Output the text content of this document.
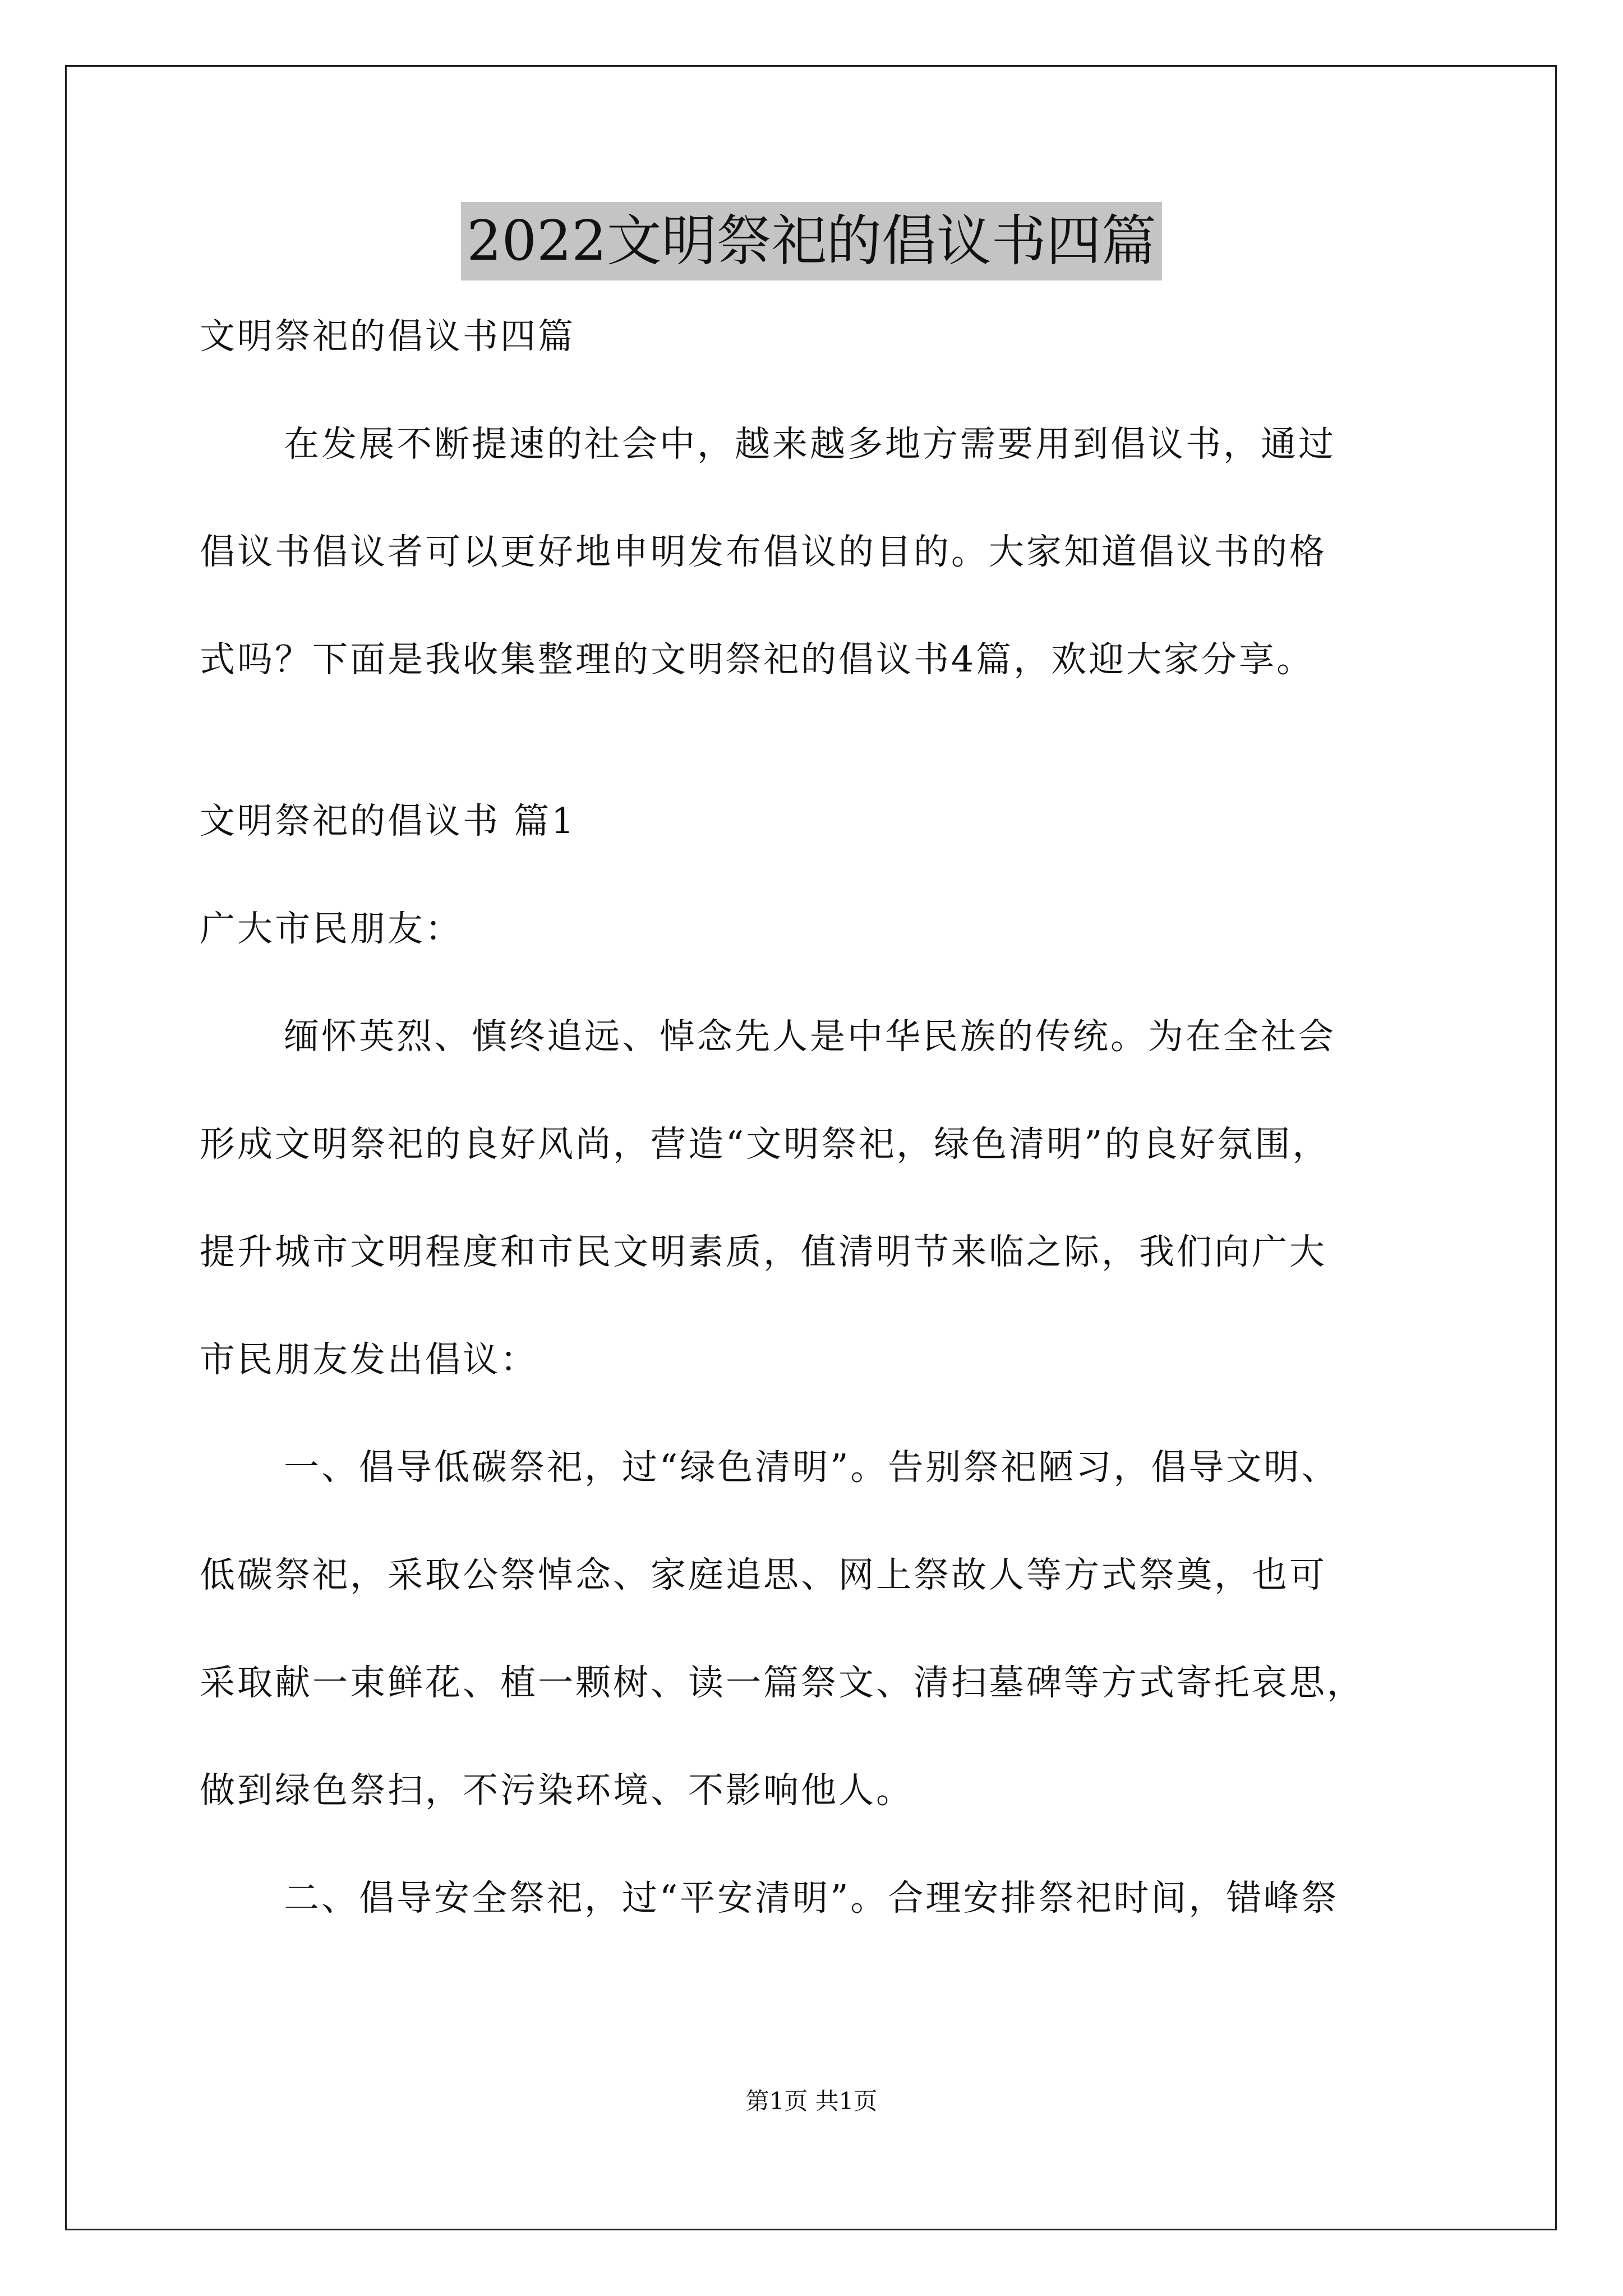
2022文明祭祀的倡议书四篇

文明祭祀的倡议书四篇

在发展不断提速的社会中，越来越多地方需要用到倡议书，通过

倡议书倡议者可以更好地申明发布倡议的目的。大家知道倡议书的格

式吗？下面是我收集整理的文明祭祀的倡议书4篇，欢迎大家分享。

文明祭祀的倡议书 篇1

广大市民朋友：

缅怀英烈、慎终追远、悼念先人是中华民族的传统。为在全社会

形成文明祭祀的良好风尚，营造“文明祭祀，绿色清明”的良好氛围，

提升城市文明程度和市民文明素质，值清明节来临之际，我们向广大

市民朋友发出倡议：

一、倡导低碳祭祀，过“绿色清明”。告别祭祀陋习，倡导文明、

低碳祭祀，采取公祭悼念、家庭追思、网上祭故人等方式祭奠，也可

采取献一束鲜花、植一颗树、读一篇祭文、清扫墓碑等方式寄托哀思，

做到绿色祭扫，不污染环境、不影响他人。

二、倡导安全祭祀，过“平安清明”。合理安排祭祀时间，错峰祭

第1页 共1页
